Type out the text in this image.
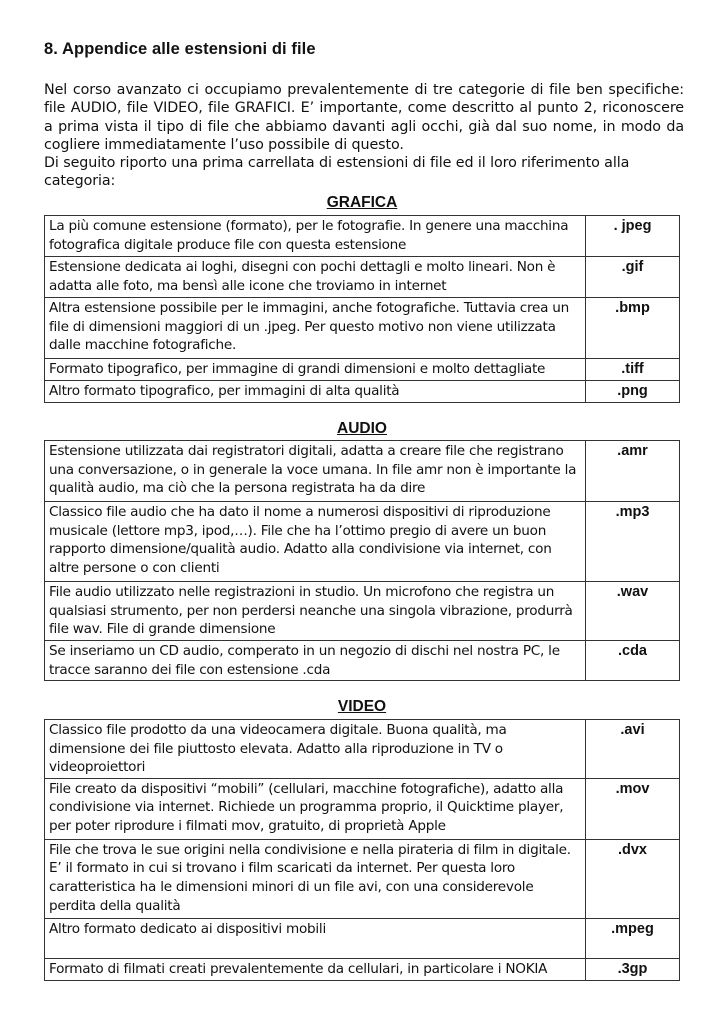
8. Appendice alle estensioni di file

Nel corso avanzato ci occupiamo prevalentemente di tre categorie di file ben specifiche: file AUDIO, file VIDEO, file GRAFICI. E’ importante, come descritto al punto 2, riconoscere a prima vista il tipo di file che abbiamo davanti agli occhi, già dal suo nome, in modo da cogliere immediatamente l’uso possibile di questo.

Di seguito riporto una prima carrellata di estensioni di file ed il loro riferimento alla categoria:

GRAFICA
La più comune estensione (formato), per le fotografie. In genere una macchina fotografica digitale produce file con questa estensione	. jpeg
Estensione dedicata ai loghi, disegni con pochi dettagli e molto lineari. Non è adatta alle foto, ma bensì alle icone che troviamo in internet	.gif
Altra estensione possibile per le immagini, anche fotografiche. Tuttavia crea un file di dimensioni maggiori di un .jpeg. Per questo motivo non viene utilizzata dalle macchine fotografiche.	.bmp
Formato tipografico, per immagine di grandi dimensioni e molto dettagliate	.tiff
Altro formato tipografico, per immagini di alta qualità	.png
AUDIO
Estensione utilizzata dai registratori digitali, adatta a creare file che registrano una conversazione, o in generale la voce umana. In file amr non è importante la qualità audio, ma ciò che la persona registrata ha da dire	.amr
Classico file audio che ha dato il nome a numerosi dispositivi di riproduzione musicale (lettore mp3, ipod,…). File che ha l’ottimo pregio di avere un buon rapporto dimensione/qualità audio. Adatto alla condivisione via internet, con altre persone o con clienti	.mp3
File audio utilizzato nelle registrazioni in studio. Un microfono che registra un qualsiasi strumento, per non perdersi neanche una singola vibrazione, produrrà file wav. File di grande dimensione	.wav
Se inseriamo un CD audio, comperato in un negozio di dischi nel nostra PC, le tracce saranno dei file con estensione .cda	.cda
VIDEO
Classico file prodotto da una videocamera digitale. Buona qualità, ma dimensione dei file piuttosto elevata. Adatto alla riproduzione in TV o videoproiettori	.avi
File creato da dispositivi “mobili” (cellulari, macchine fotografiche), adatto alla condivisione via internet. Richiede un programma proprio, il Quicktime player, per poter riprodure i filmati mov, gratuito, di proprietà Apple	.mov
File che trova le sue origini nella condivisione e nella pirateria di film in digitale. E’ il formato in cui si trovano i film scaricati da internet. Per questa loro caratteristica ha le dimensioni minori di un file avi, con una considerevole perdita della qualità	.dvx
Altro formato dedicato ai dispositivi mobili	.mpeg
Formato di filmati creati prevalentemente da cellulari, in particolare i NOKIA	.3gp
